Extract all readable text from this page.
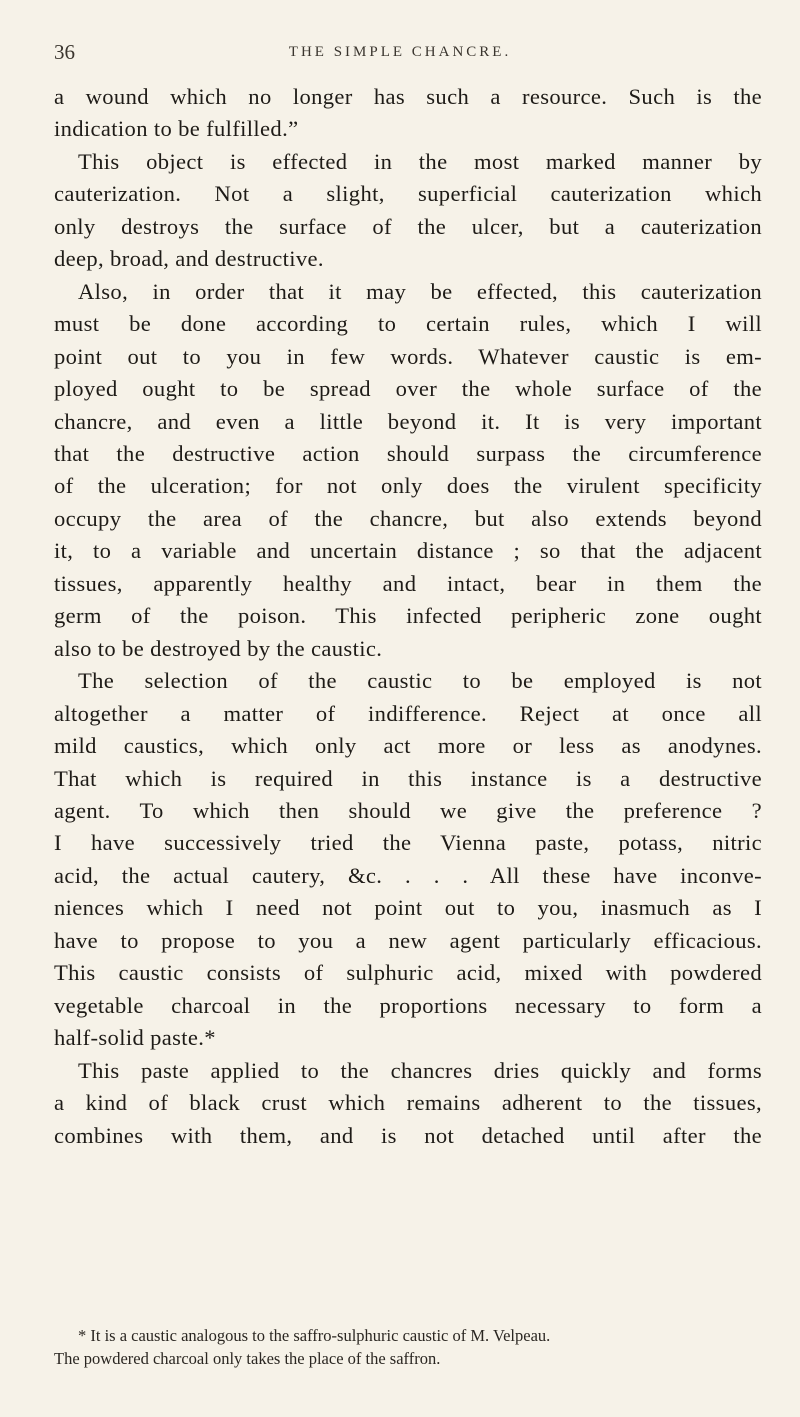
36	THE SIMPLE CHANCRE.
a wound which no longer has such a resource. Such is the
indication to be fulfilled.”
This object is effected in the most marked manner by
cauterization. Not a slight, superficial cauterization which
only destroys the surface of the ulcer, but a cauterization
deep, broad, and destructive.
Also, in order that it may be effected, this cauterization
must be done according to certain rules, which I will
point out to you in few words. Whatever caustic is em-
ployed ought to be spread over the whole surface of the
chancre, and even a little beyond it. It is very important
that the destructive action should surpass the circumference
of the ulceration; for not only does the virulent specificity
occupy the area of the chancre, but also extends beyond
it, to a variable and uncertain distance ; so that the adjacent
tissues, apparently healthy and intact, bear in them the
germ of the poison. This infected peripheric zone ought
also to be destroyed by the caustic.
The selection of the caustic to be employed is not
altogether a matter of indifference. Reject at once all
mild caustics, which only act more or less as anodynes.
That which is required in this instance is a destructive
agent. To which then should we give the preference ?
I have successively tried the Vienna paste, potass, nitric
acid, the actual cautery, &c. . . . All these have inconve-
niences which I need not point out to you, inasmuch as I
have to propose to you a new agent particularly efficacious.
This caustic consists of sulphuric acid, mixed with powdered
vegetable charcoal in the proportions necessary to form a
half-solid paste.*
This paste applied to the chancres dries quickly and forms
a kind of black crust which remains adherent to the tissues,
combines with them, and is not detached until after the
* It is a caustic analogous to the saffro-sulphuric caustic of M. Velpeau.
The powdered charcoal only takes the place of the saffron.
